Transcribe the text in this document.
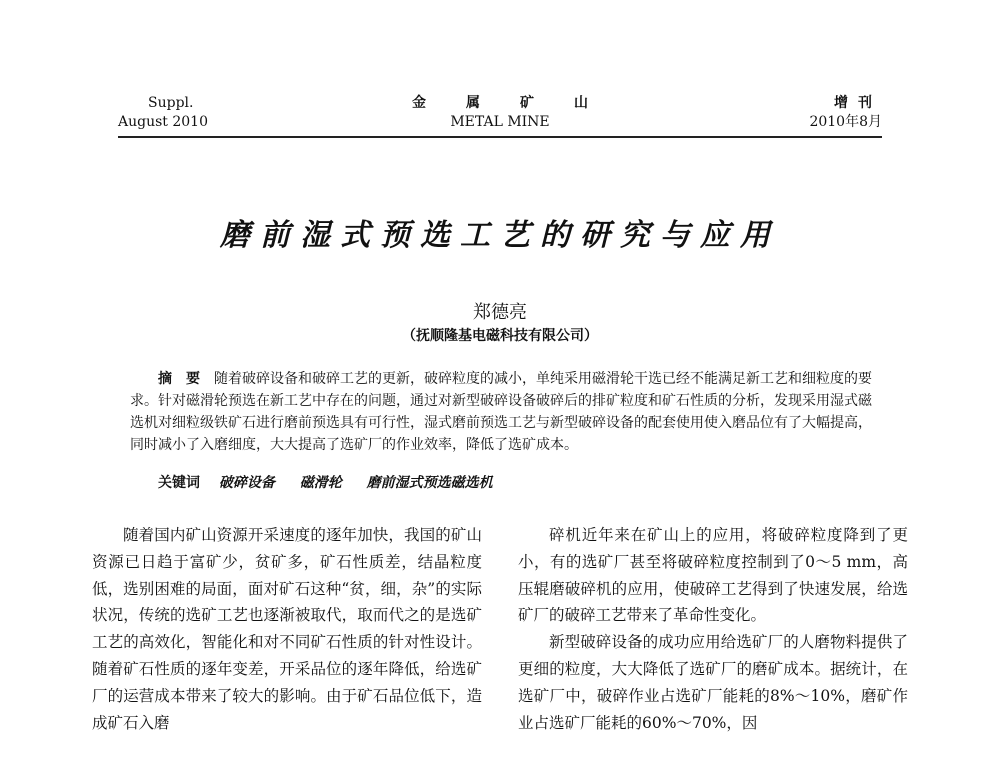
Suppl.
August 2010
金属矿山
METAL MINE
增刊
2010年8月
磨前湿式预选工艺的研究与应用
郑德亮
（抚顺隆基电磁科技有限公司）

摘要随着破碎设备和破碎工艺的更新，破碎粒度的减小，单纯采用磁滑轮干选已经不能满足新工艺和细粒度的要求。针对磁滑轮预选在新工艺中存在的问题，通过对新型破碎设备破碎后的排矿粒度和矿石性质的分析，发现采用湿式磁选机对细粒级铁矿石进行磨前预选具有可行性，湿式磨前预选工艺与新型破碎设备的配套使用使入磨品位有了大幅提高，同时减小了入磨细度，大大提高了选矿厂的作业效率，降低了选矿成本。

关键词 破碎设备 磁滑轮 磨前湿式预选磁选机

随着国内矿山资源开采速度的逐年加快，我国的矿山资源已日趋于富矿少，贫矿多，矿石性质差，结晶粒度低，选别困难的局面，面对矿石这种“贫，细，杂”的实际状况，传统的选矿工艺也逐渐被取代，取而代之的是选矿工艺的高效化，智能化和对不同矿石性质的针对性设计。随着矿石性质的逐年变差，开采品位的逐年降低，给选矿厂的运营成本带来了较大的影响。由于矿石品位低下，造成矿石入磨

碎机近年来在矿山上的应用，将破碎粒度降到了更小，有的选矿厂甚至将破碎粒度控制到了0～5 mm，高压辊磨破碎机的应用，使破碎工艺得到了快速发展，给选矿厂的破碎工艺带来了革命性变化。

新型破碎设备的成功应用给选矿厂的人磨物料提供了更细的粒度，大大降低了选矿厂的磨矿成本。据统计，在选矿厂中，破碎作业占选矿厂能耗的8%～10%，磨矿作业占选矿厂能耗的60%～70%，因
